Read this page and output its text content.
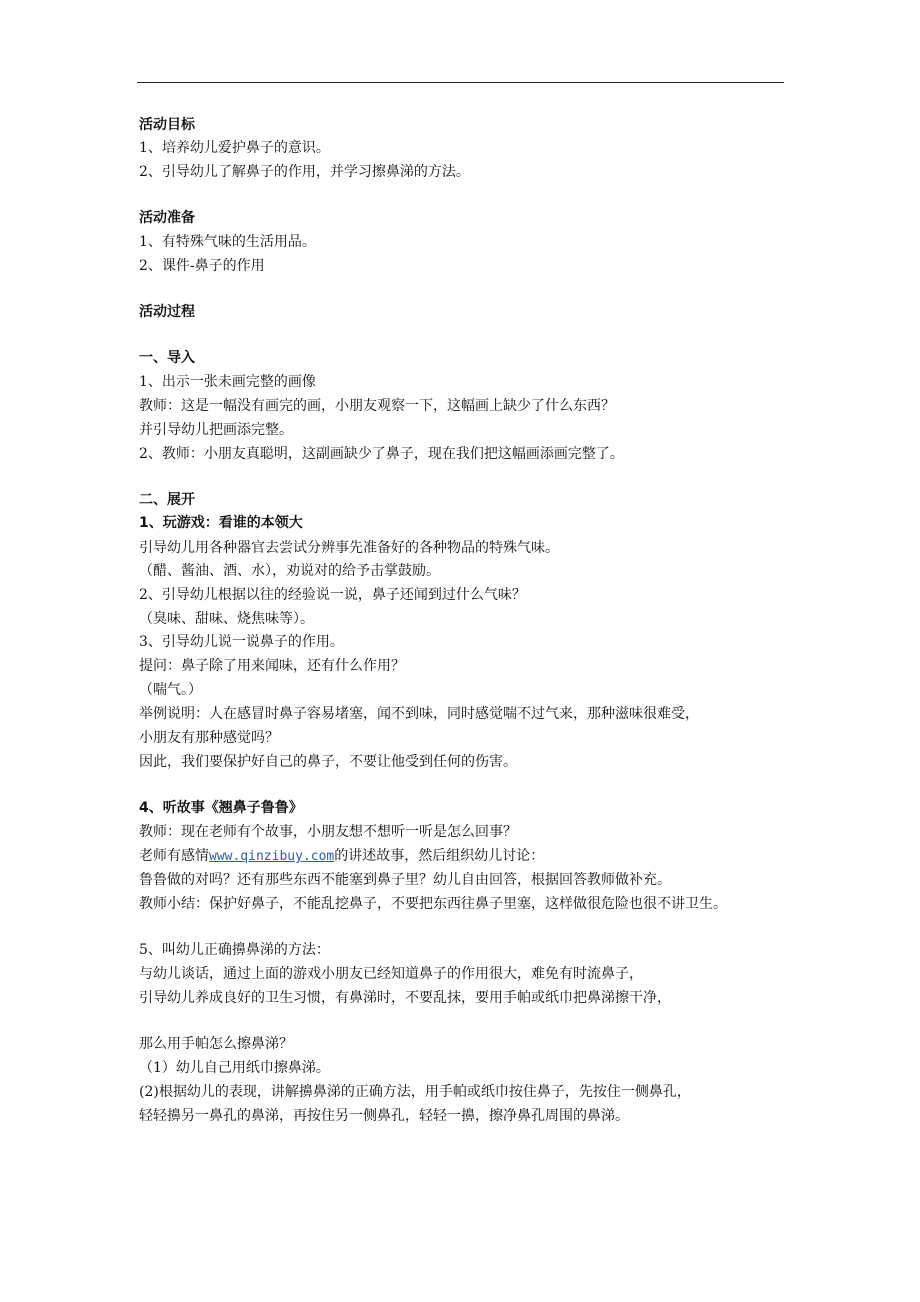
活动目标
1、培养幼儿爱护鼻子的意识。
2、引导幼儿了解鼻子的作用，并学习擦鼻涕的方法。
活动准备
1、有特殊气味的生活用品。
2、课件-鼻子的作用
活动过程
一、导入
1、出示一张未画完整的画像
教师：这是一幅没有画完的画，小朋友观察一下，这幅画上缺少了什么东西？
并引导幼儿把画添完整。
2、教师：小朋友真聪明，这副画缺少了鼻子，现在我们把这幅画添画完整了。
二、展开
1、玩游戏：看谁的本领大
引导幼儿用各种器官去尝试分辨事先准备好的各种物品的特殊气味。
（醋、酱油、酒、水），劝说对的给予击掌鼓励。
2、引导幼儿根据以往的经验说一说，鼻子还闻到过什么气味？
（臭味、甜味、烧焦味等）。
3、引导幼儿说一说鼻子的作用。
提问：鼻子除了用来闻味，还有什么作用？
（喘气。）
举例说明：人在感冒时鼻子容易堵塞，闻不到味，同时感觉喘不过气来，那种滋味很难受，
小朋友有那种感觉吗？
因此，我们要保护好自己的鼻子，不要让他受到任何的伤害。
4、听故事《翘鼻子鲁鲁》
教师：现在老师有个故事，小朋友想不想听一听是怎么回事？
老师有感情www.qinzibuy.com的讲述故事，然后组织幼儿讨论：
鲁鲁做的对吗？还有那些东西不能塞到鼻子里？幼儿自由回答，根据回答教师做补充。
教师小结：保护好鼻子，不能乱挖鼻子，不要把东西往鼻子里塞，这样做很危险也很不讲卫生。
5、叫幼儿正确擤鼻涕的方法：
与幼儿谈话，通过上面的游戏小朋友已经知道鼻子的作用很大，难免有时流鼻子，
引导幼儿养成良好的卫生习惯，有鼻涕时，不要乱抹，要用手帕或纸巾把鼻涕擦干净，
那么用手帕怎么擦鼻涕？
（1）幼儿自己用纸巾擦鼻涕。
(2)根据幼儿的表现，讲解擤鼻涕的正确方法，用手帕或纸巾按住鼻子，先按住一侧鼻孔，
轻轻擤另一鼻孔的鼻涕，再按住另一侧鼻孔，轻轻一擤，擦净鼻孔周围的鼻涕。
